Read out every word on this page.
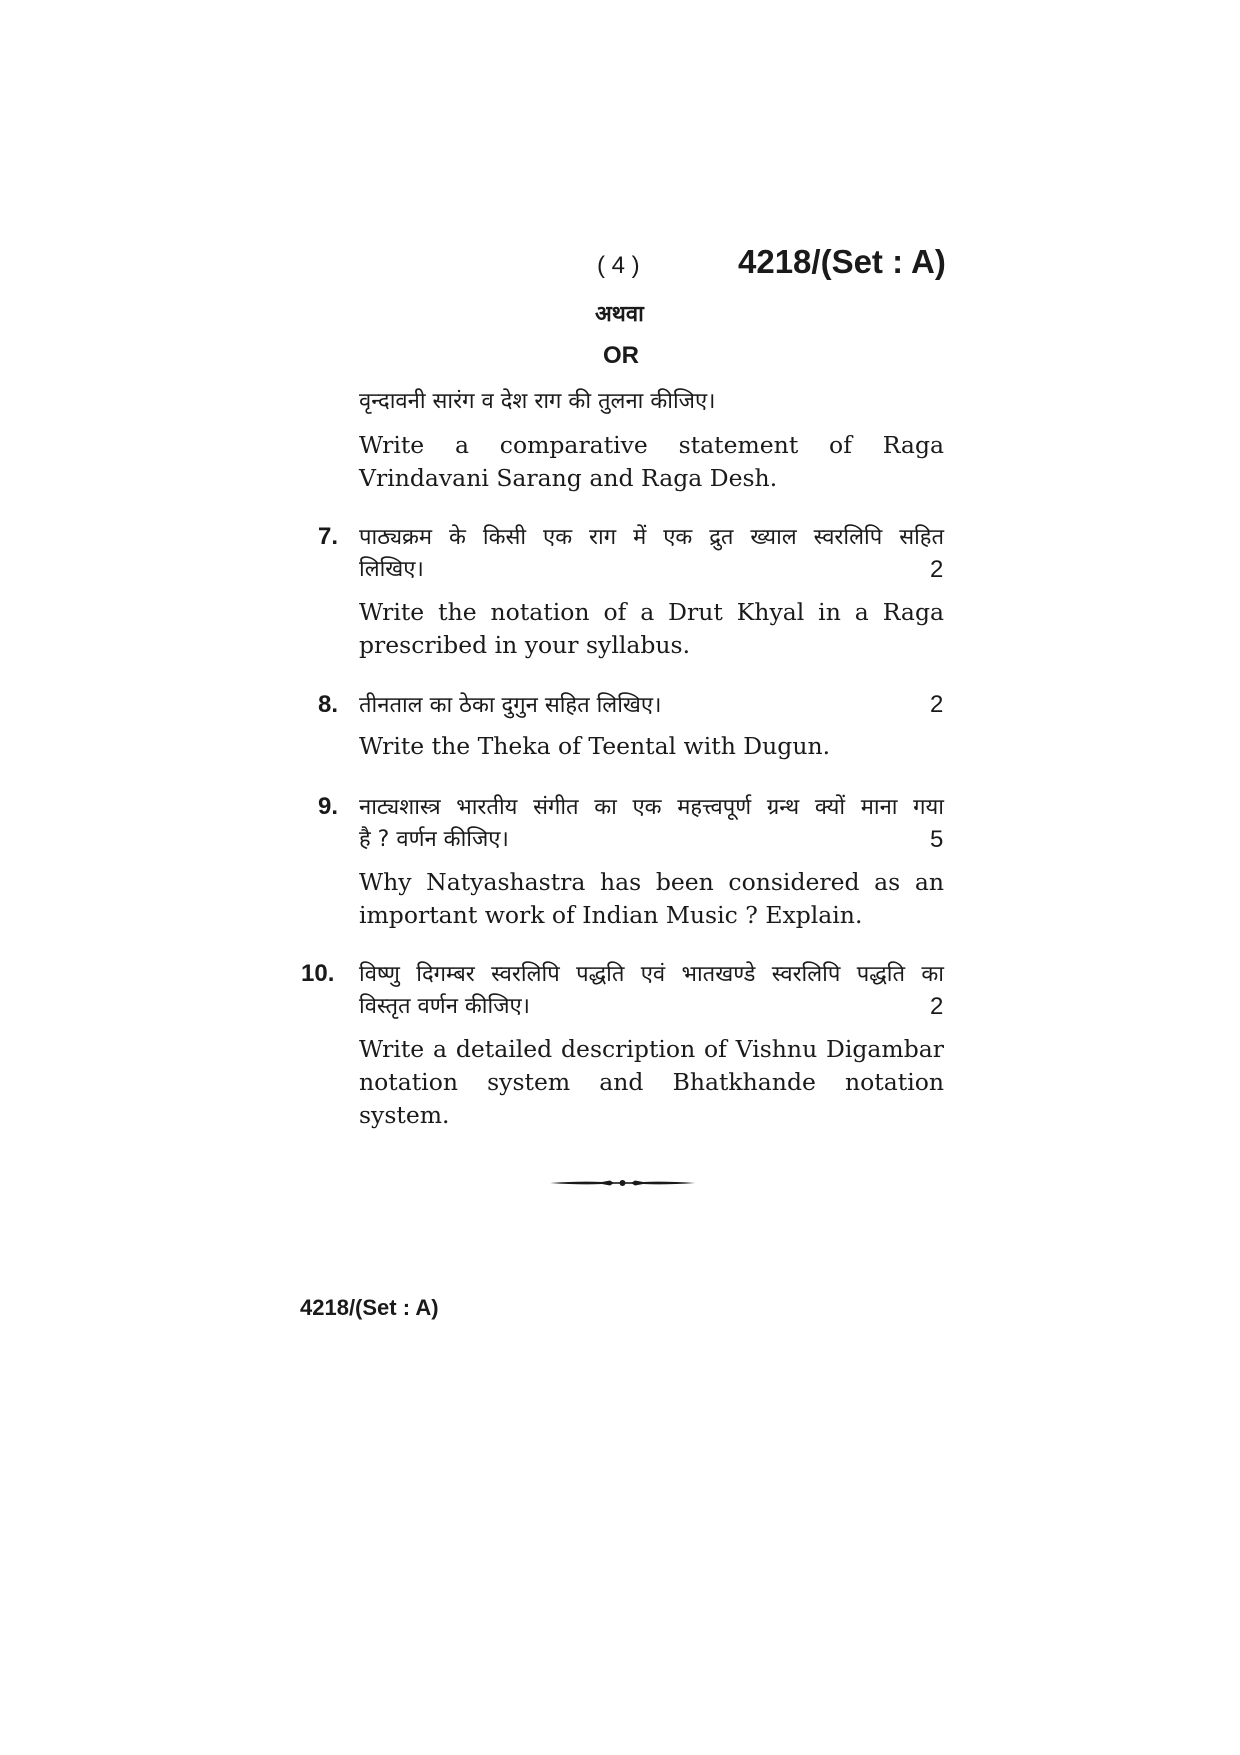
( 4 )	4218/(Set : A)
अथवा
OR
वृन्दावनी सारंग व देश राग की तुलना कीजिए।
Write a comparative statement of Raga Vrindavani Sarang and Raga Desh.
7. पाठ्यक्रम के किसी एक राग में एक द्रुत ख्याल स्वरलिपि सहित
लिखिए।	2
Write the notation of a Drut Khyal in a Raga prescribed in your syllabus.
8. तीनताल का ठेका दुगुन सहित लिखिए।	2
Write the Theka of Teental with Dugun.
9. नाट्यशास्त्र भारतीय संगीत का एक महत्त्वपूर्ण ग्रन्थ क्यों माना गया
है ? वर्णन कीजिए।	5
Why Natyashastra has been considered as an important work of Indian Music ? Explain.
10. विष्णु दिगम्बर स्वरलिपि पद्धति एवं भातखण्डे स्वरलिपि पद्धति का
विस्तृत वर्णन कीजिए।	2
Write a detailed description of Vishnu Digambar notation system and Bhatkhande notation system.
4218/(Set : A)
